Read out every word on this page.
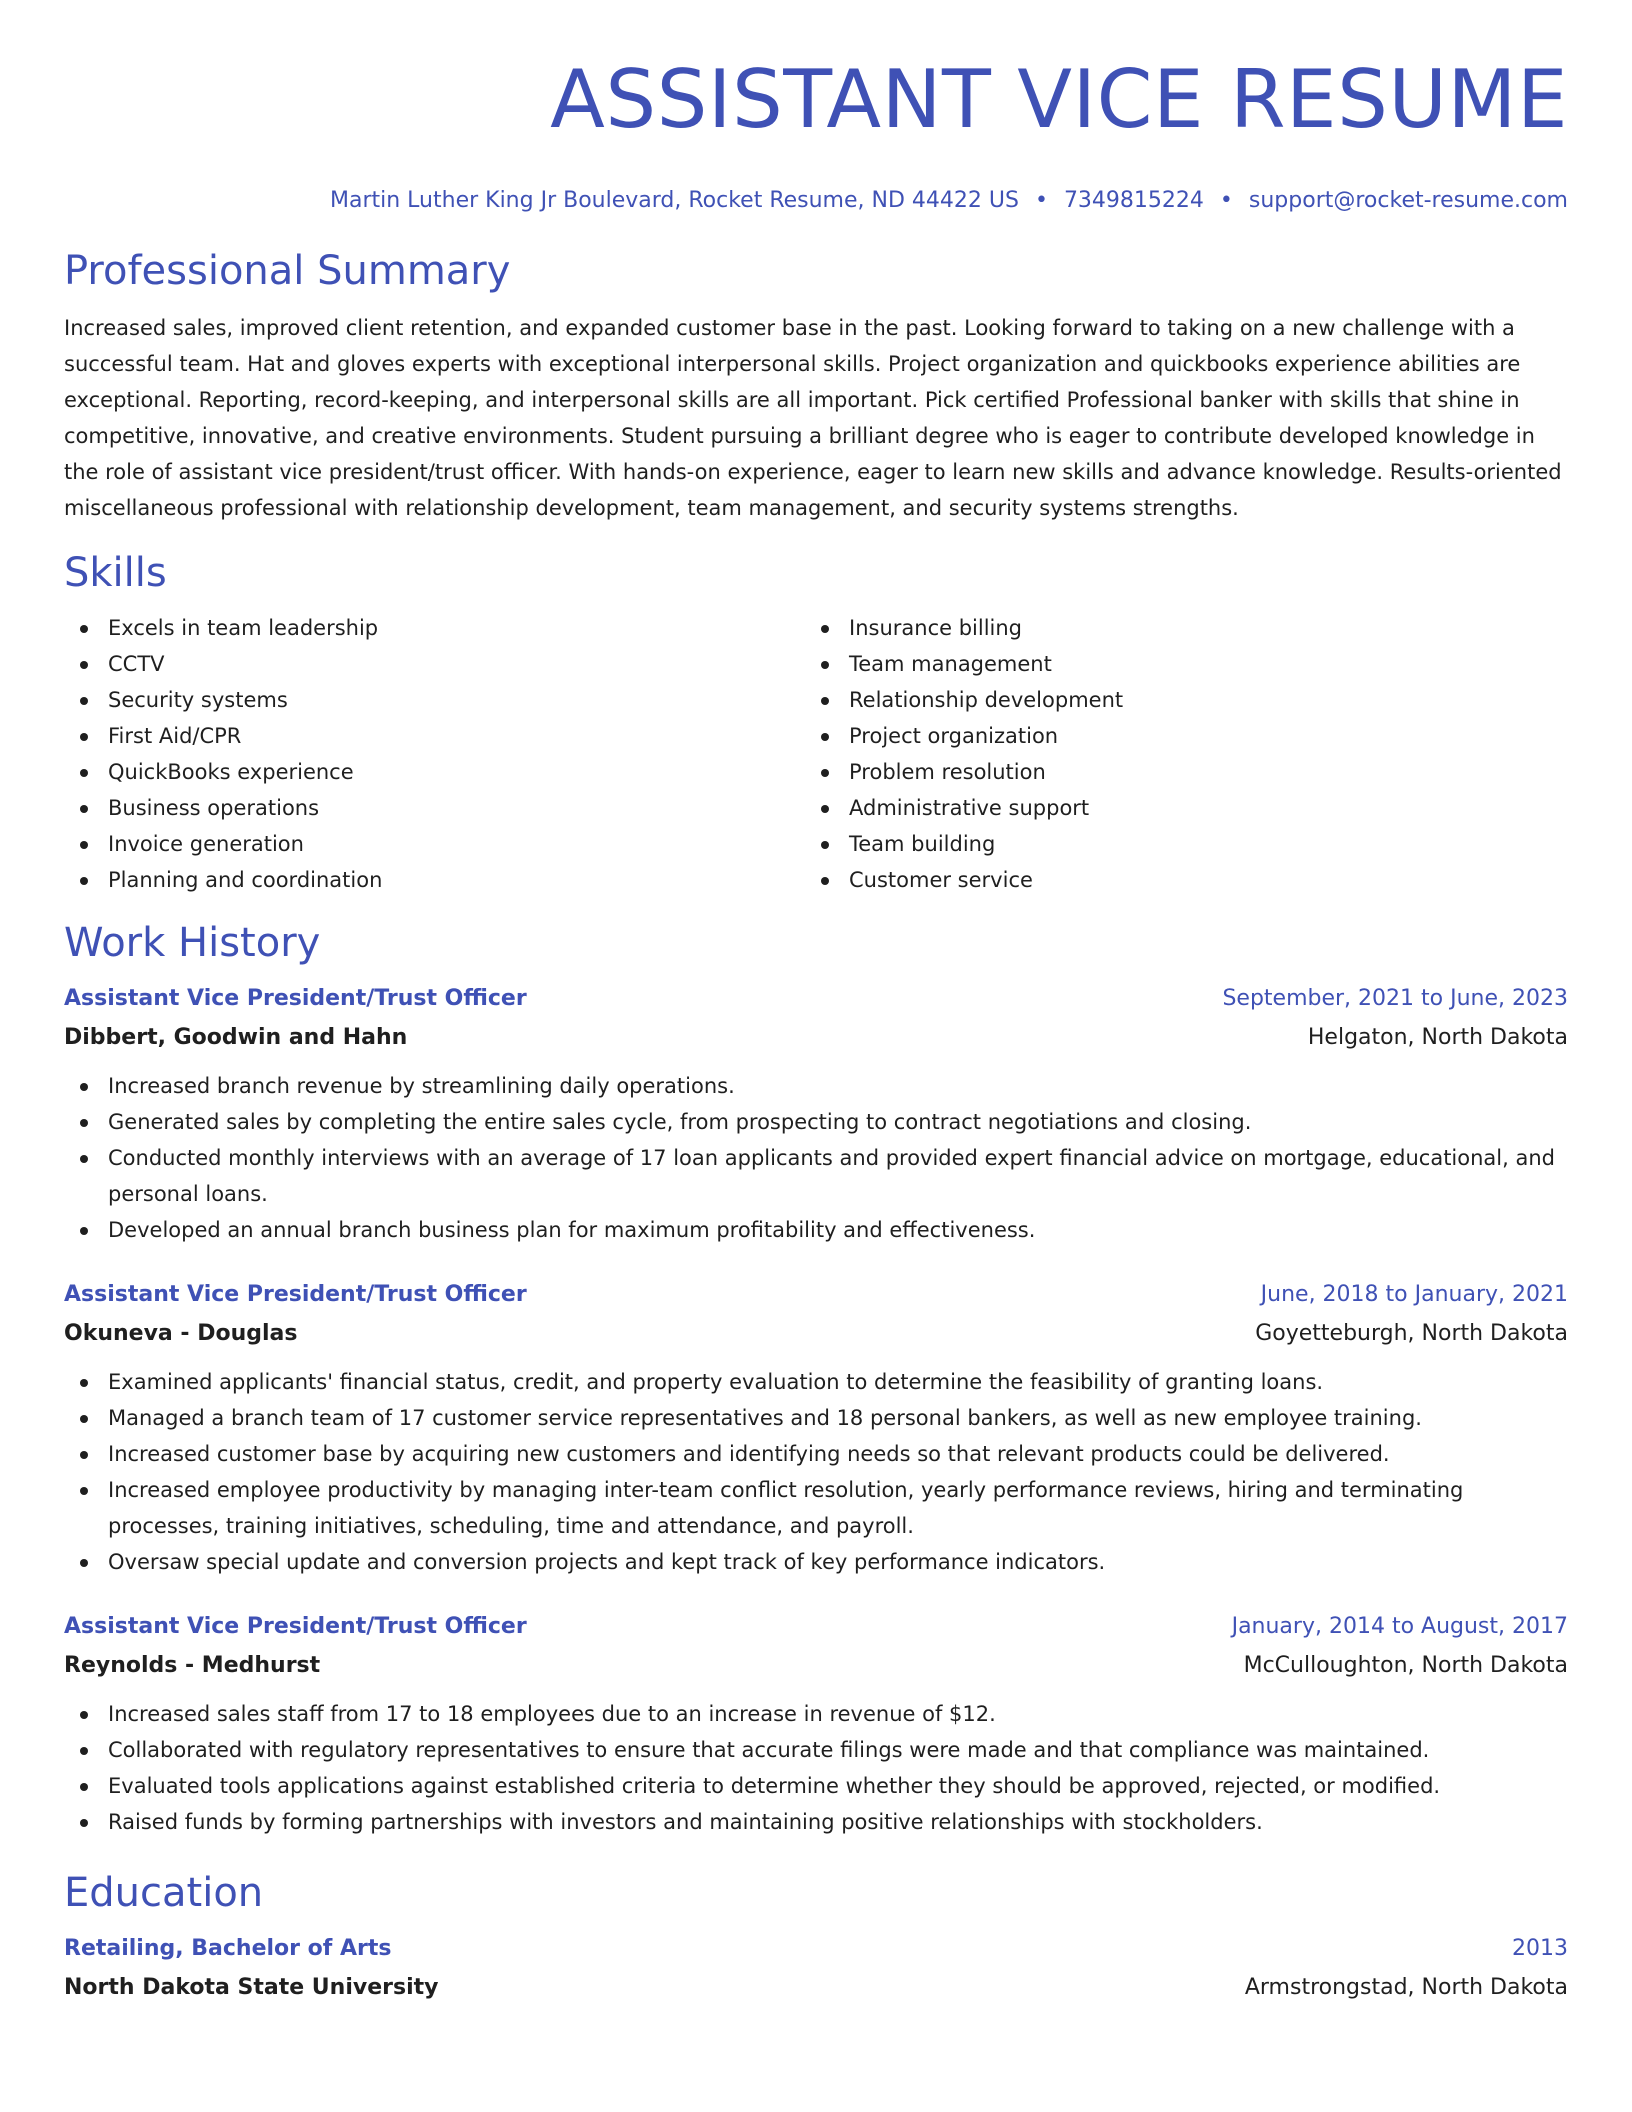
ASSISTANT VICE RESUME
Martin Luther King Jr Boulevard, Rocket Resume, ND 44422 US • 7349815224 • support@rocket-resume.com
Professional Summary

Increased sales, improved client retention, and expanded customer base in the past. Looking forward to taking on a new challenge with a successful team. Hat and gloves experts with exceptional interpersonal skills. Project organization and quickbooks experience abilities are exceptional. Reporting, record-keeping, and interpersonal skills are all important. Pick certified Professional banker with skills that shine in competitive, innovative, and creative environments. Student pursuing a brilliant degree who is eager to contribute developed knowledge in the role of assistant vice president/trust officer. With hands-on experience, eager to learn new skills and advance knowledge. Results-oriented miscellaneous professional with relationship development, team management, and security systems strengths.

Skills
Excels in team leadership
CCTV
Security systems
First Aid/CPR
QuickBooks experience
Business operations
Invoice generation
Planning and coordination
Insurance billing
Team management
Relationship development
Project organization
Problem resolution
Administrative support
Team building
Customer service
Work History
Assistant Vice President/Trust Officer	September, 2021 to June, 2023
Dibbert, Goodwin and Hahn	Helgaton, North Dakota
Increased branch revenue by streamlining daily operations.
Generated sales by completing the entire sales cycle, from prospecting to contract negotiations and closing.
Conducted monthly interviews with an average of 17 loan applicants and provided expert financial advice on mortgage, educational, and personal loans.
Developed an annual branch business plan for maximum profitability and effectiveness.
Assistant Vice President/Trust Officer	June, 2018 to January, 2021
Okuneva - Douglas	Goyetteburgh, North Dakota
Examined applicants' financial status, credit, and property evaluation to determine the feasibility of granting loans.
Managed a branch team of 17 customer service representatives and 18 personal bankers, as well as new employee training.
Increased customer base by acquiring new customers and identifying needs so that relevant products could be delivered.
Increased employee productivity by managing inter-team conflict resolution, yearly performance reviews, hiring and terminating processes, training initiatives, scheduling, time and attendance, and payroll.
Oversaw special update and conversion projects and kept track of key performance indicators.
Assistant Vice President/Trust Officer	January, 2014 to August, 2017
Reynolds - Medhurst	McCulloughton, North Dakota
Increased sales staff from 17 to 18 employees due to an increase in revenue of $12.
Collaborated with regulatory representatives to ensure that accurate filings were made and that compliance was maintained.
Evaluated tools applications against established criteria to determine whether they should be approved, rejected, or modified.
Raised funds by forming partnerships with investors and maintaining positive relationships with stockholders.
Education
Retailing, Bachelor of Arts	2013
North Dakota State University	Armstrongstad, North Dakota
